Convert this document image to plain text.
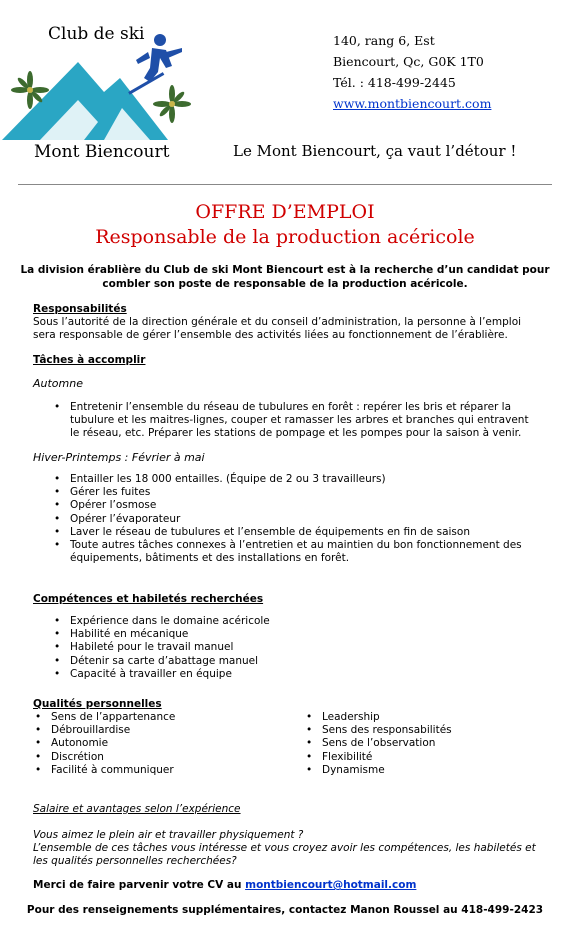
Club de ski
Mont Biencourt
140, rang 6, Est
Biencourt, Qc, G0K 1T0
Tél. : 418-499-2445
www.montbiencourt.com
Le Mont Biencourt, ça vaut l’détour !
OFFRE D’EMPLOI
Responsable de la production acéricole
La division érablière du Club de ski Mont Biencourt est à la recherche d’un candidat pour combler son poste de responsable de la production acéricole.
Responsabilités
Sous l’autorité de la direction générale et du conseil d’administration, la personne à l’emploi sera responsable de gérer l’ensemble des activités liées au fonctionnement de l’érablière.
Tâches à accomplir
Automne
• Entretenir l’ensemble du réseau de tubulures en forêt : repérer les bris et réparer la tubulure et les maitres-lignes, couper et ramasser les arbres et branches qui entravent le réseau, etc. Préparer les stations de pompage et les pompes pour la saison à venir.
Hiver-Printemps : Février à mai
• Entailler les 18 000 entailles. (Équipe de 2 ou 3 travailleurs)
• Gérer les fuites
• Opérer l’osmose
• Opérer l’évaporateur
• Laver le réseau de tubulures et l’ensemble de équipements en fin de saison
• Toute autres tâches connexes à l’entretien et au maintien du bon fonctionnement des équipements, bâtiments et des installations en forêt.
Compétences et habiletés recherchées
• Expérience dans le domaine acéricole
• Habilité en mécanique
• Habileté pour le travail manuel
• Détenir sa carte d’abattage manuel
• Capacité à travailler en équipe
Qualités personnelles
• Sens de l’appartenance
• Débrouillardise
• Autonomie
• Discrétion
• Facilité à communiquer
• Leadership
• Sens des responsabilités
• Sens de l’observation
• Flexibilité
• Dynamisme
Salaire et avantages selon l’expérience
Vous aimez le plein air et travailler physiquement ?
L’ensemble de ces tâches vous intéresse et vous croyez avoir les compétences, les habiletés et les qualités personnelles recherchées?
Merci de faire parvenir votre CV au montbiencourt@hotmail.com
Pour des renseignements supplémentaires, contactez Manon Roussel au 418-499-2423
